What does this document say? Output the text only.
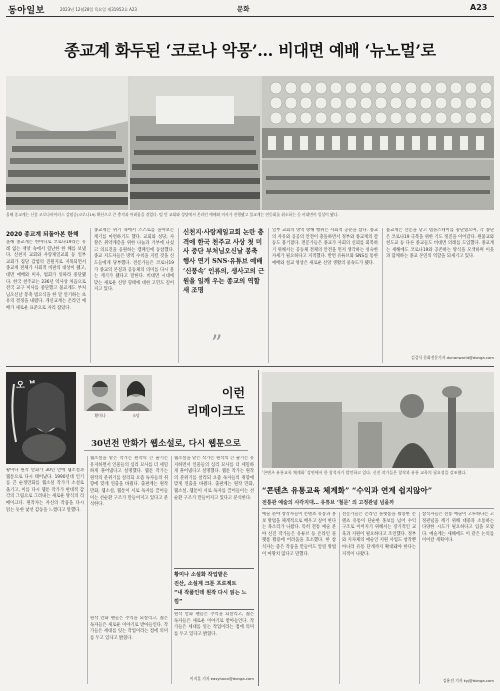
동아일보	2023년 12월28일 목요일 제31953호 A23	문화	A23
종교계 화두된 ‘코로나 악몽’… 비대면 예배 ‘뉴노멀’로
올해 종교계는 신종 코로나바이러스 감염증(코로나19) 확산으로 큰 충격과 어려움을 겪었다. 텅 빈 교회와 성당에서 온라인 예배와 미사가 진행됐고 불교계는 연등회를 취소하는 등 비대면이 일상이 됐다.
2020 종교계 되돌아본 한해
올해 종교계는 한마디로 코로나19라는 유례 없는 재앙 속에서 험난한 한 해를 보냈다. 신천지 교회와 사랑제일교회 등 일부 교회가 집단 감염의 진원지로 지목되면서 종교계 전체가 사회적 비판의 대상이 됐고, 대면 예배와 미사, 법회가 잇따라 중단됐다. 한국 천주교는 236년 역사상 처음으로 전국 교구 미사를 중단했고 불교계도 부처님오신날 봉축 법요식을 한 달 연기하는 초유의 결정을 내렸다. 개신교계는 온라인 예배가 새로운 표준으로 자리 잡았다.
종교계는 위기 속에서 스스로를 돌아보는 계기를 마련하기도 했다. 교회와 성당, 사찰은 취약계층을 위한 나눔과 기부에 나섰고 의료진을 응원하는 캠페인에 동참했다. 종교 지도자들은 방역 수칙을 지킬 것을 신도들에게 당부했다. 전문가들은 코로나19가 종교의 본질과 공동체의 의미를 다시 묻는 계기가 됐다고 말한다. 비대면 시대에 맞는 새로운 신앙 형태에 대한 고민도 깊어지고 있다.
신천지·사랑제일교회 논란 충격에 한국 천주교 사상 첫 미사 중단 부처님오신날 봉축 행사 연기 SNS·유튜브 예배 ‘신풍속’ 인류의, 생사고의 근원을 일깨 우는 종교의 역할 새 조명
”
일부 교회의 방역 방해 행위는 사회적 공분을 샀다. 종교의 자유와 공공의 안전이 충돌하면서 정부와 종교계의 갈등도 불거졌다. 전문가들은 종교가 사회의 신뢰를 회복하기 위해서는 공동체 전체의 안전을 먼저 생각하는 성숙한 자세가 필요하다고 지적했다. 반면 유튜브와 SNS를 통한 예배와 설교 영상은 새로운 신앙 생활의 풍속도가 됐다.
불교계는 산문을 닫고 템플스테이를 중단했으며, 각 종단은 코로나19 극복을 위한 기도 정진을 이어갔다. 원불교와 천도교 등 다른 종교들도 비대면 의례를 도입했다. 종교계는 새해에도 코로나19와 공존하는 방식을 모색하며 이웃과 함께하는 종교 본연의 역할을 되새기고 있다.
김갑식 문화전문기자 dunanworld@donga.com
오 ᄇ
황미나	소담
이런
리메이크도
30년전 만화가 웹소설로, 다시 웹툰으로
황미나 원작 만화가 30년 만에 웹소설과 웹툰으로 다시 태어났다. 1990년대 인기를 끈 순정만화를 웹소설 작가가 소설로 옮기고, 이를 다시 웹툰 작가가 현대적 감각의 그림으로 그려내는 새로운 방식의 리메이크다. 원작자는 자신의 작품을 다시 읽는 듯한 낯선 감동을 느꼈다고 말했다.
웹소설을 맡은 작가는 원작의 큰 줄기는 유지하면서 인물들의 심리 묘사를 더 세밀하게 풀어냈다고 설명했다. 웹툰 작가는 원작의 분위기를 살리되 요즘 독자들의 취향에 맞게 연출을 바꿨다. 출판계는 원작 만화, 웹소설, 웹툰이 서로 독자를 끌어들이는 선순환 구조가 만들어지고 있다고 분석한다.
원작 만화 팬들은 추억을 되살리고, 젊은 독자들은 새로운 이야기로 받아들인다. 작가들은 세대를 잇는 작업이라는 점에 의미를 두고 있다고 밝혔다.
황미나 소설화 작업맡은
진산, 소설계 크툰 프로젝트
“내 작품인데 원작 다시 읽는 느낌”
웹소설을 맡은 작가는 원작의 큰 줄기는 유지하면서 인물들의 심리 묘사를 더 세밀하게 풀어냈다고 설명했다. 웹툰 작가는 원작의 분위기를 살리되 요즘 독자들의 취향에 맞게 연출을 바꿨다. 출판계는 원작 만화, 웹소설, 웹툰이 서로 독자를 끌어들이는 선순환 구조가 만들어지고 있다고 분석한다.
원작 만화 팬들은 추억을 되살리고, 젊은 독자들은 새로운 이야기로 받아들인다. 작가들은 세대를 잇는 작업이라는 점에 의미를 두고 있다고 밝혔다.
이지훈 기자 easyhoon@donga.com
‘콘텐츠 유통교육 체계화’ 강연에서 한 참석자가 발언하고 있다. 신진 작가들은 창작과 유통 교육의 필요성을 강조했다.
“콘텐츠 유통교육 체계화” “수익과 연계 쉽지않아”
전통관 예술의 사각지대… 유튜브 ‘철문’ 의 고정관념 넘을까
예술 분야 창작자들이 콘텐츠 유통과 홍보 방법을 체계적으로 배우고 싶어 한다는 목소리가 나왔다. 특히 전통 예술 분야 신진 작가들은 유튜브 등 온라인 플랫폼 활용에 어려움을 호소했다. 한 참석자는 좋은 작품을 만들어도 알릴 방법이 마땅치 않다고 말했다.
전문가들은 온라인 플랫폼을 활용한 콘텐츠 유통이 단순한 홍보를 넘어 수익 구조로 이어지기 위해서는 장기적인 교육과 지원이 필요하다고 조언했다. 정부와 지자체의 예술인 지원 사업도 창작뿐 아니라 유통 단계까지 확대돼야 한다는 지적이 나왔다.
참석자들은 전통 예술이 고루하다는 고정관념을 깨기 위해 대중과 소통하는 다양한 시도가 필요하다고 입을 모았다. 예술계는 새해에도 이 같은 논의를 이어갈 계획이다.
김윤진 기자 kyj@donga.com
